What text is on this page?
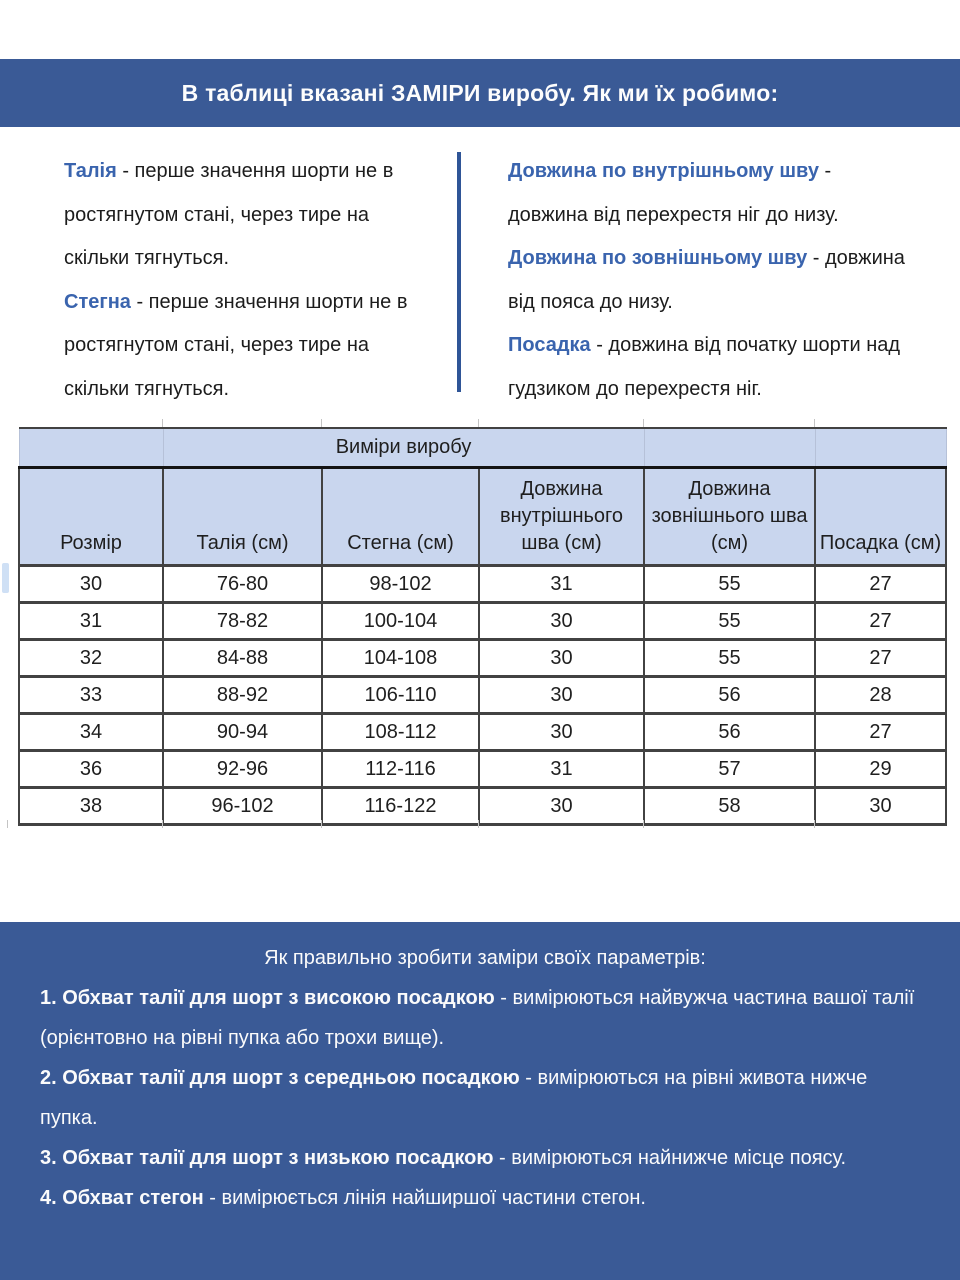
В таблиці вказані ЗАМІРИ виробу. Як ми їх робимо:

Талія - перше значення шорти не в ростягнутом стані, через тире на скільки тягнуться.

Стегна - перше значення шорти не в ростягнутом стані, через тире на скільки тягнуться.

Довжина по внутрішньому шву - довжина від перехрестя ніг до низу.

Довжина по зовнішньому шву - довжина від пояса до низу.

Посадка - довжина від початку шорти над гудзиком до перехрестя ніг.

	Виміри виробу				
Розмір	Талія (см)	Стегна (см)	Довжина внутрішнього шва (см)	Довжина зовнішнього шва (см)	Посадка (см)
30	76-80	98-102	31	55	27
31	78-82	100-104	30	55	27
32	84-88	104-108	30	55	27
33	88-92	106-110	30	56	28
34	90-94	108-112	30	56	27
36	92-96	112-116	31	57	29
38	96-102	116-122	30	58	30

Як правильно зробити заміри своїх параметрів:

1. Обхват талії для шорт з високою посадкою - вимірюються найвужча частина вашої талії (орієнтовно на рівні пупка або трохи вище).

2. Обхват талії для шорт з середньою посадкою - вимірюються на рівні живота нижче пупка.

3. Обхват талії для шорт з низькою посадкою - вимірюються найнижче місце поясу.

4. Обхват стегон - вимірюється лінія найширшої частини стегон.
